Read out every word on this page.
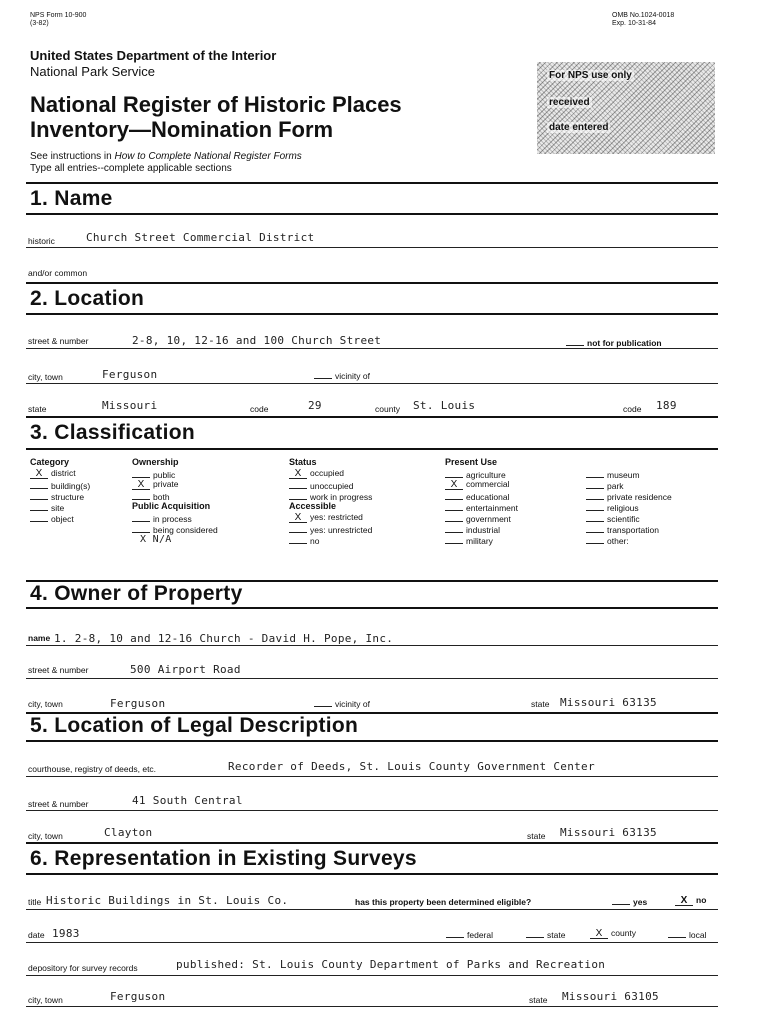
NPS Form 10-900
(3-82)
OMB No.1024-0018
Exp. 10-31-84
United States Department of the Interior
National Park Service
National Register of Historic Places
Inventory—Nomination Form
See instructions in How to Complete National Register Forms
Type all entries--complete applicable sections
For NPS use only
received
date entered
1. Name
historic	Church Street Commercial District
and/or common
2. Location
street & number	2-8, 10, 12-16 and 100 Church Street	not for publication
city, town	Ferguson	vicinity of
state	Missouri	code	29	county St. Louis	code 189
3. Classification
Category
X district
building(s)
structure
site
object
Ownership
public
X private
both
Public Acquisition
in process
being considered
X N/A
Status
X occupied
unoccupied
work in progress
Accessible
X yes: restricted
yes: unrestricted
no
Present Use
agriculture
X commercial
educational
entertainment
government
industrial
military
museum
park
private residence
religious
scientific
transportation
other:
4. Owner of Property
name 1. 2-8, 10 and 12-16 Church - David H. Pope, Inc.
street & number	500 Airport Road
city, town	Ferguson	vicinity of	state Missouri 63135
5. Location of Legal Description
courthouse, registry of deeds, etc.	Recorder of Deeds, St. Louis County Government Center
street & number	41 South Central
city, town	Clayton	state Missouri 63135
6. Representation in Existing Surveys
title Historic Buildings in St. Louis Co.	has this property been determined eligible?	yes	X no
date 1983	federal	state	X county	local
depository for survey records	published: St. Louis County Department of Parks and Recreation
city, town	Ferguson	state Missouri 63105
